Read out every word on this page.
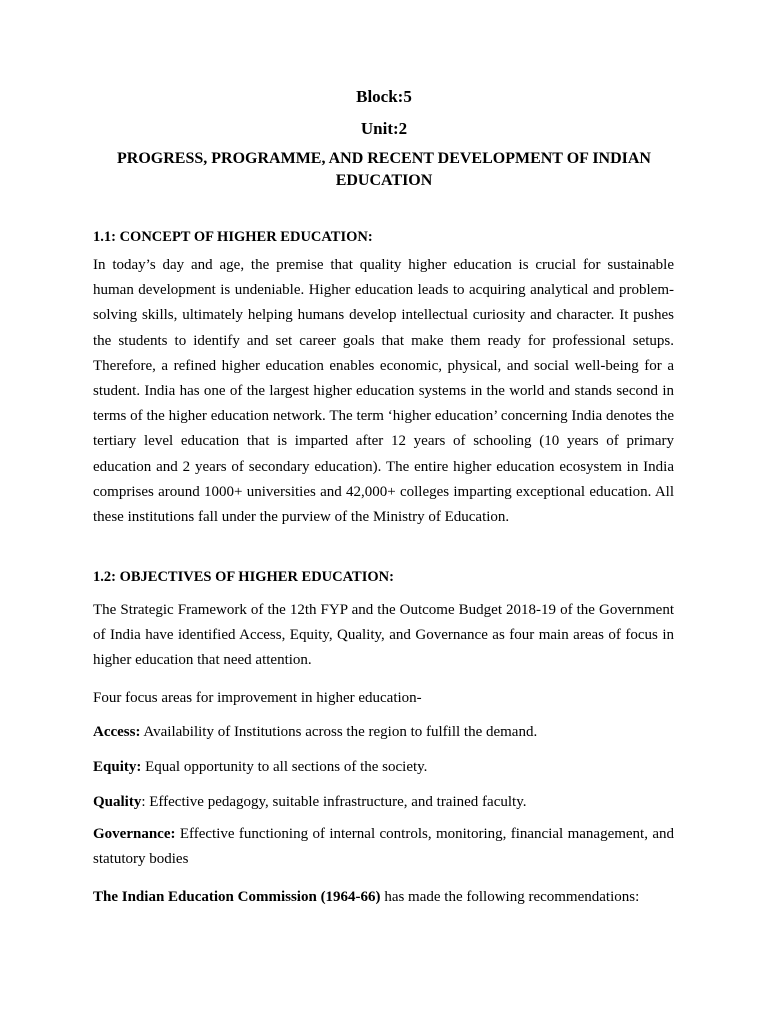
Block:5
Unit:2
PROGRESS, PROGRAMME, AND RECENT DEVELOPMENT OF INDIAN EDUCATION

1.1: CONCEPT OF HIGHER EDUCATION:

In today’s day and age, the premise that quality higher education is crucial for sustainable human development is undeniable. Higher education leads to acquiring analytical and problem-solving skills, ultimately helping humans develop intellectual curiosity and character. It pushes the students to identify and set career goals that make them ready for professional setups. Therefore, a refined higher education enables economic, physical, and social well-being for a student. India has one of the largest higher education systems in the world and stands second in terms of the higher education network. The term ‘higher education’ concerning India denotes the tertiary level education that is imparted after 12 years of schooling (10 years of primary education and 2 years of secondary education). The entire higher education ecosystem in India comprises around 1000+ universities and 42,000+ colleges imparting exceptional education. All these institutions fall under the purview of the Ministry of Education.

1.2: OBJECTIVES OF HIGHER EDUCATION:

The Strategic Framework of the 12th FYP and the Outcome Budget 2018-19 of the Government of India have identified Access, Equity, Quality, and Governance as four main areas of focus in higher education that need attention.

Four focus areas for improvement in higher education-

Access: Availability of Institutions across the region to fulfill the demand.

Equity: Equal opportunity to all sections of the society.

Quality: Effective pedagogy, suitable infrastructure, and trained faculty.

Governance: Effective functioning of internal controls, monitoring, financial management, and statutory bodies

The Indian Education Commission (1964-66) has made the following recommendations:
